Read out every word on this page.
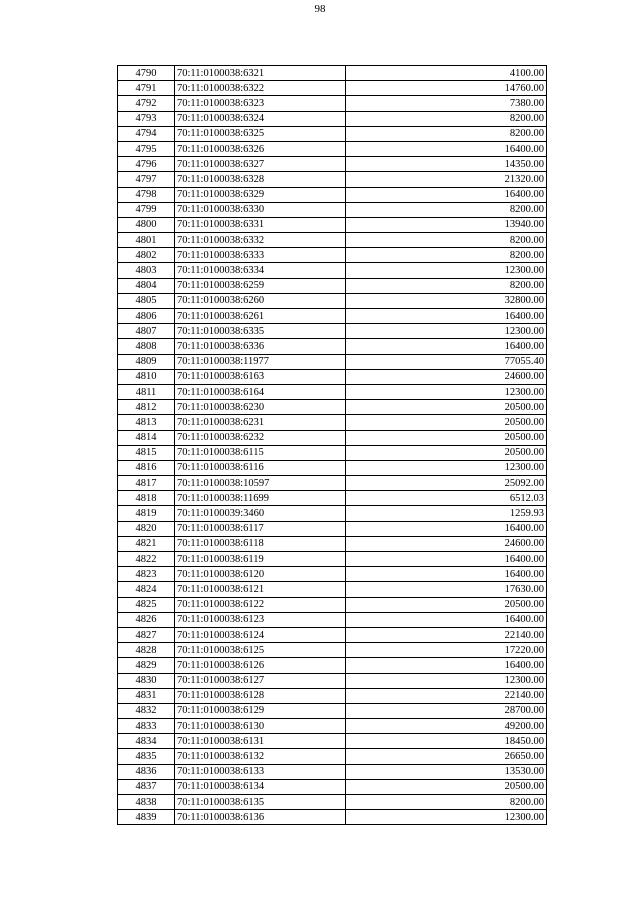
98
4790	70:11:0100038:6321	4100.00
4791	70:11:0100038:6322	14760.00
4792	70:11:0100038:6323	7380.00
4793	70:11:0100038:6324	8200.00
4794	70:11:0100038:6325	8200.00
4795	70:11:0100038:6326	16400.00
4796	70:11:0100038:6327	14350.00
4797	70:11:0100038:6328	21320.00
4798	70:11:0100038:6329	16400.00
4799	70:11:0100038:6330	8200.00
4800	70:11:0100038:6331	13940.00
4801	70:11:0100038:6332	8200.00
4802	70:11:0100038:6333	8200.00
4803	70:11:0100038:6334	12300.00
4804	70:11:0100038:6259	8200.00
4805	70:11:0100038:6260	32800.00
4806	70:11:0100038:6261	16400.00
4807	70:11:0100038:6335	12300.00
4808	70:11:0100038:6336	16400.00
4809	70:11:0100038:11977	77055.40
4810	70:11:0100038:6163	24600.00
4811	70:11:0100038:6164	12300.00
4812	70:11:0100038:6230	20500.00
4813	70:11:0100038:6231	20500.00
4814	70:11:0100038:6232	20500.00
4815	70:11:0100038:6115	20500.00
4816	70:11:0100038:6116	12300.00
4817	70:11:0100038:10597	25092.00
4818	70:11:0100038:11699	6512.03
4819	70:11:0100039:3460	1259.93
4820	70:11:0100038:6117	16400.00
4821	70:11:0100038:6118	24600.00
4822	70:11:0100038:6119	16400.00
4823	70:11:0100038:6120	16400.00
4824	70:11:0100038:6121	17630.00
4825	70:11:0100038:6122	20500.00
4826	70:11:0100038:6123	16400.00
4827	70:11:0100038:6124	22140.00
4828	70:11:0100038:6125	17220.00
4829	70:11:0100038:6126	16400.00
4830	70:11:0100038:6127	12300.00
4831	70:11:0100038:6128	22140.00
4832	70:11:0100038:6129	28700.00
4833	70:11:0100038:6130	49200.00
4834	70:11:0100038:6131	18450.00
4835	70:11:0100038:6132	26650.00
4836	70:11:0100038:6133	13530.00
4837	70:11:0100038:6134	20500.00
4838	70:11:0100038:6135	8200.00
4839	70:11:0100038:6136	12300.00
